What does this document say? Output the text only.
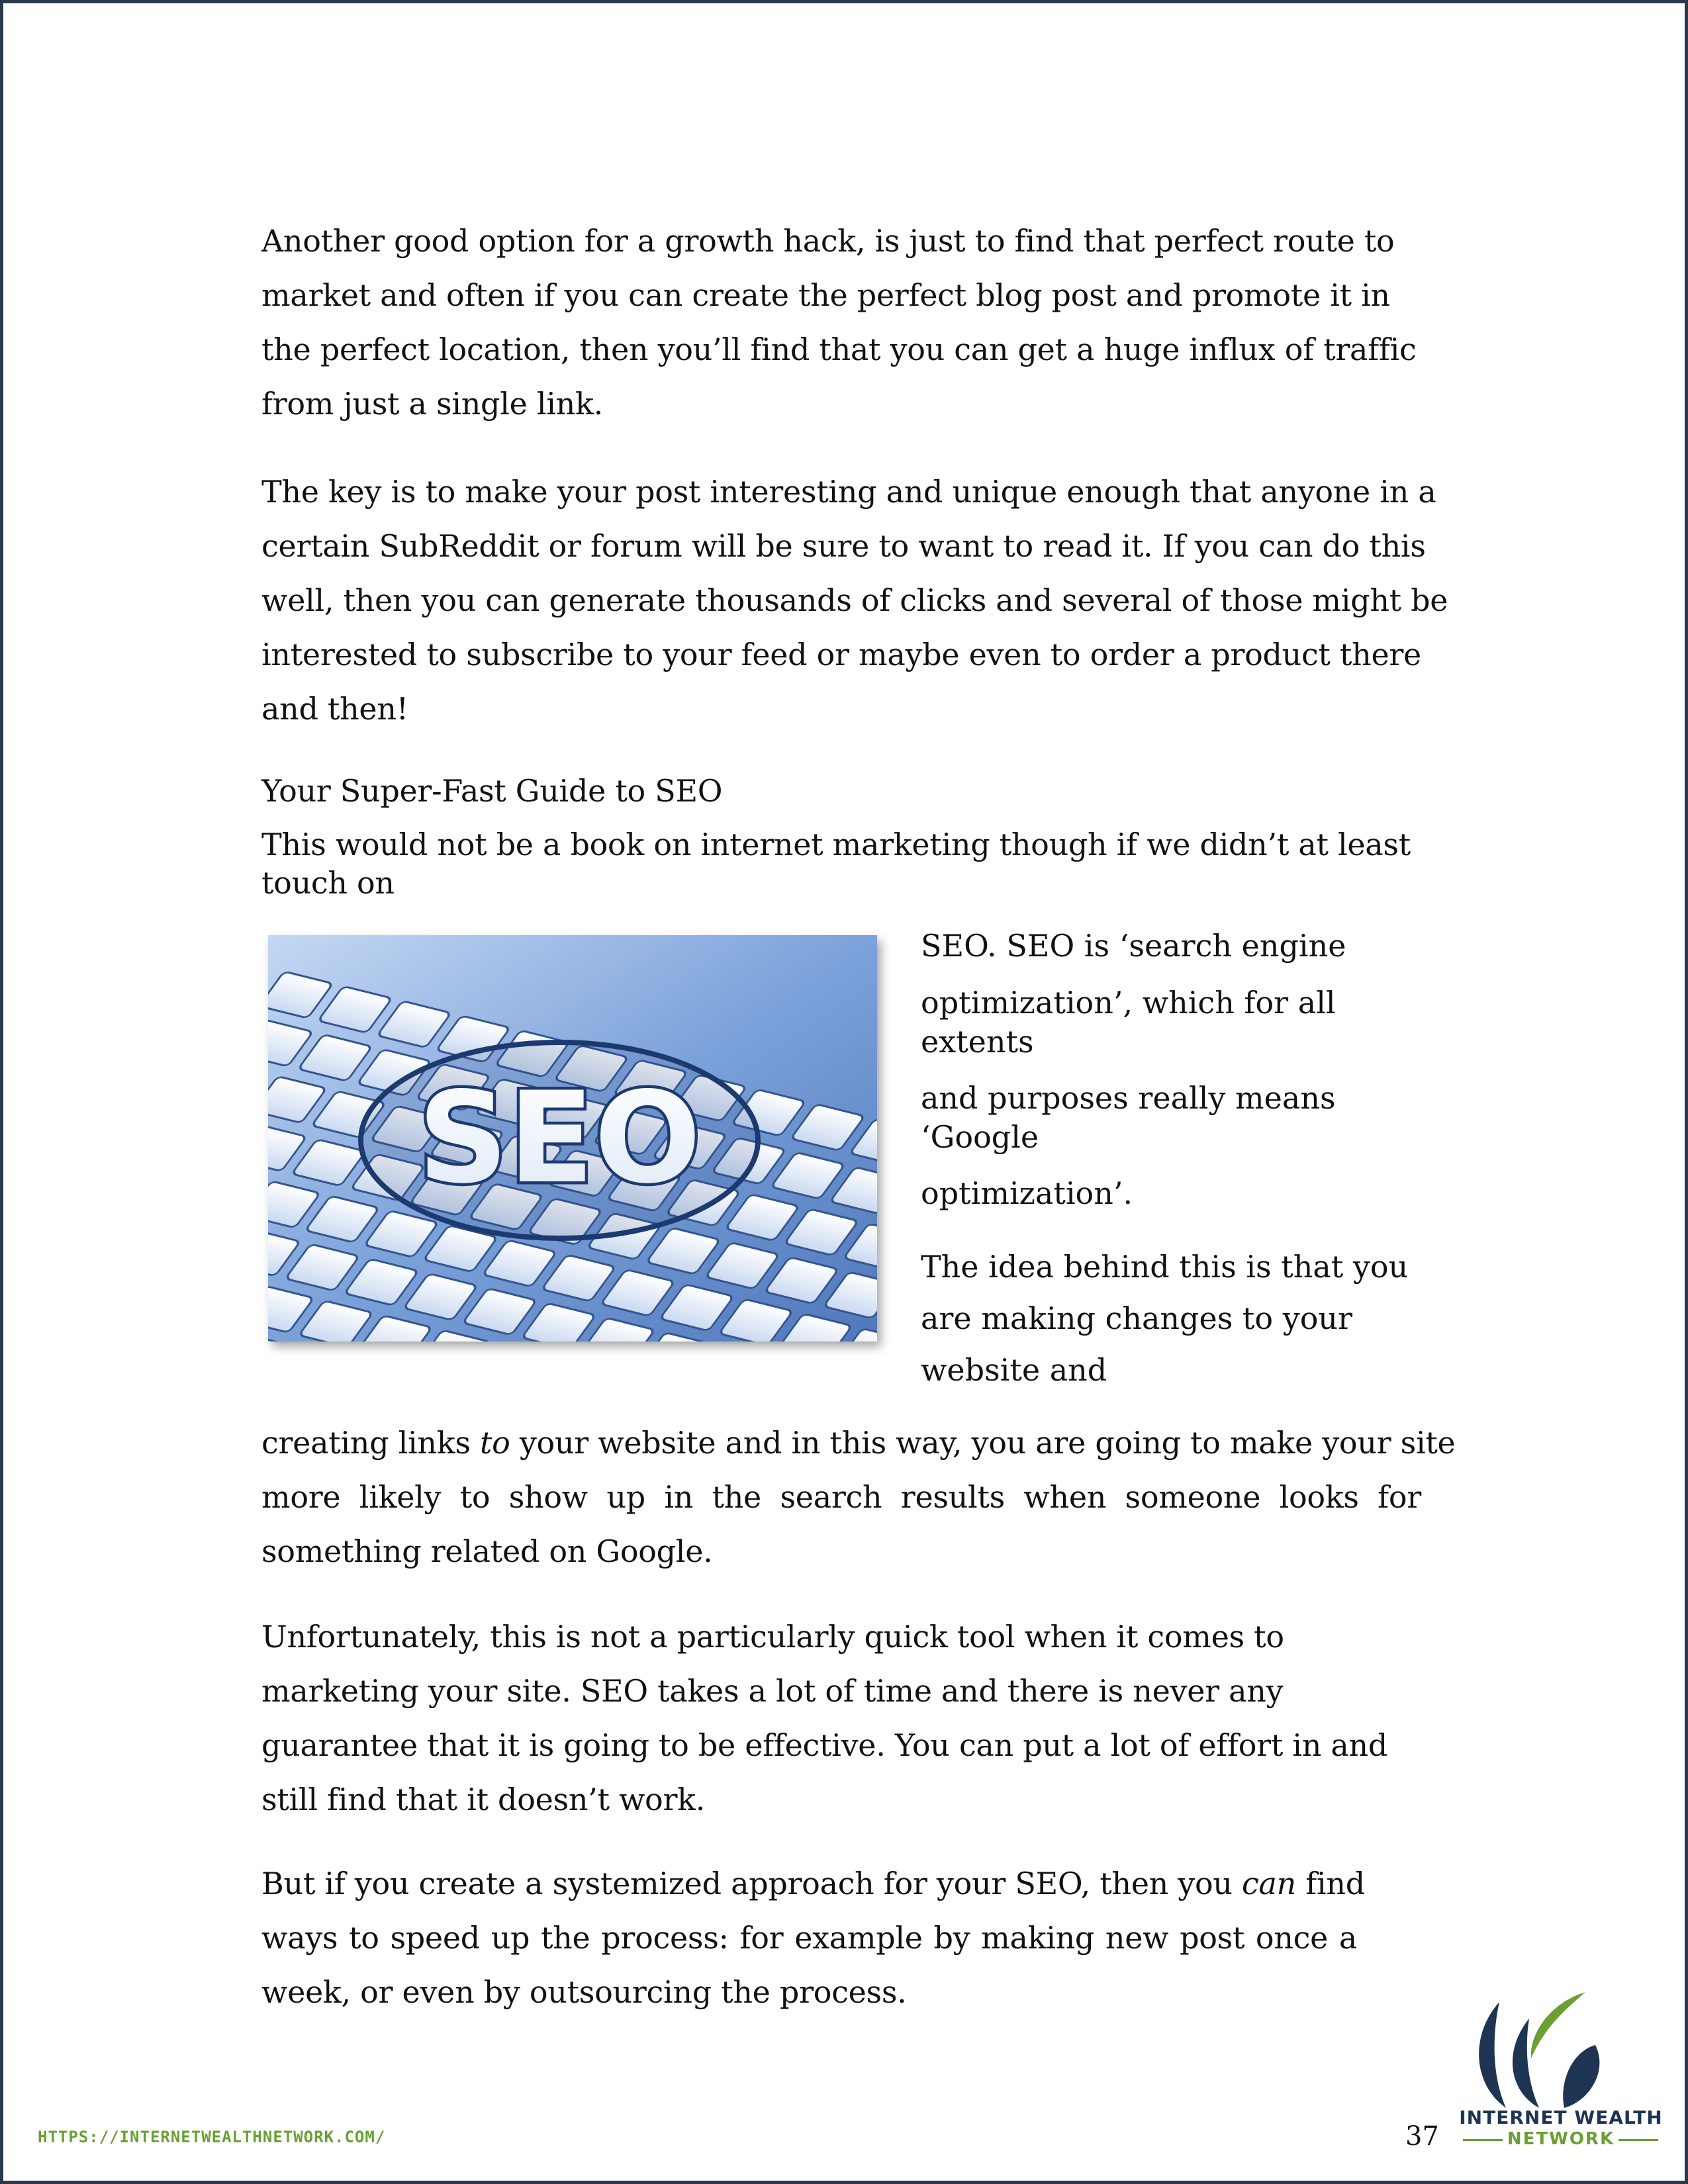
Another good option for a growth hack, is just to find that perfect route to
market and often if you can create the perfect blog post and promote it in
the perfect location, then you’ll find that you can get a huge influx of traffic
from just a single link.

The key is to make your post interesting and unique enough that anyone in a
certain SubReddit or forum will be sure to want to read it. If you can do this
well, then you can generate thousands of clicks and several of those might be
interested to subscribe to your feed or maybe even to order a product there
and then!

Your Super-Fast Guide to SEO

This would not be a book on internet marketing though if we didn’t at least
touch on

SEO
SEO. SEO is ‘search engine
optimization’, which for all
extents
and purposes really means
‘Google
optimization’.
The idea behind this is that you
are making changes to your
website and

creating links to your website and in this way, you are going to make your site
more likely to show up in the search results when someone looks for
something related on Google.

Unfortunately, this is not a particularly quick tool when it comes to
marketing your site. SEO takes a lot of time and there is never any
guarantee that it is going to be effective. You can put a lot of effort in and
still find that it doesn’t work.

But if you create a systemized approach for your SEO, then you can find
ways to speed up the process: for example by making new post once a
week, or even by outsourcing the process.

HTTPS://INTERNETWEALTHNETWORK.COM/	37
INTERNET WEALTH
NETWORK
